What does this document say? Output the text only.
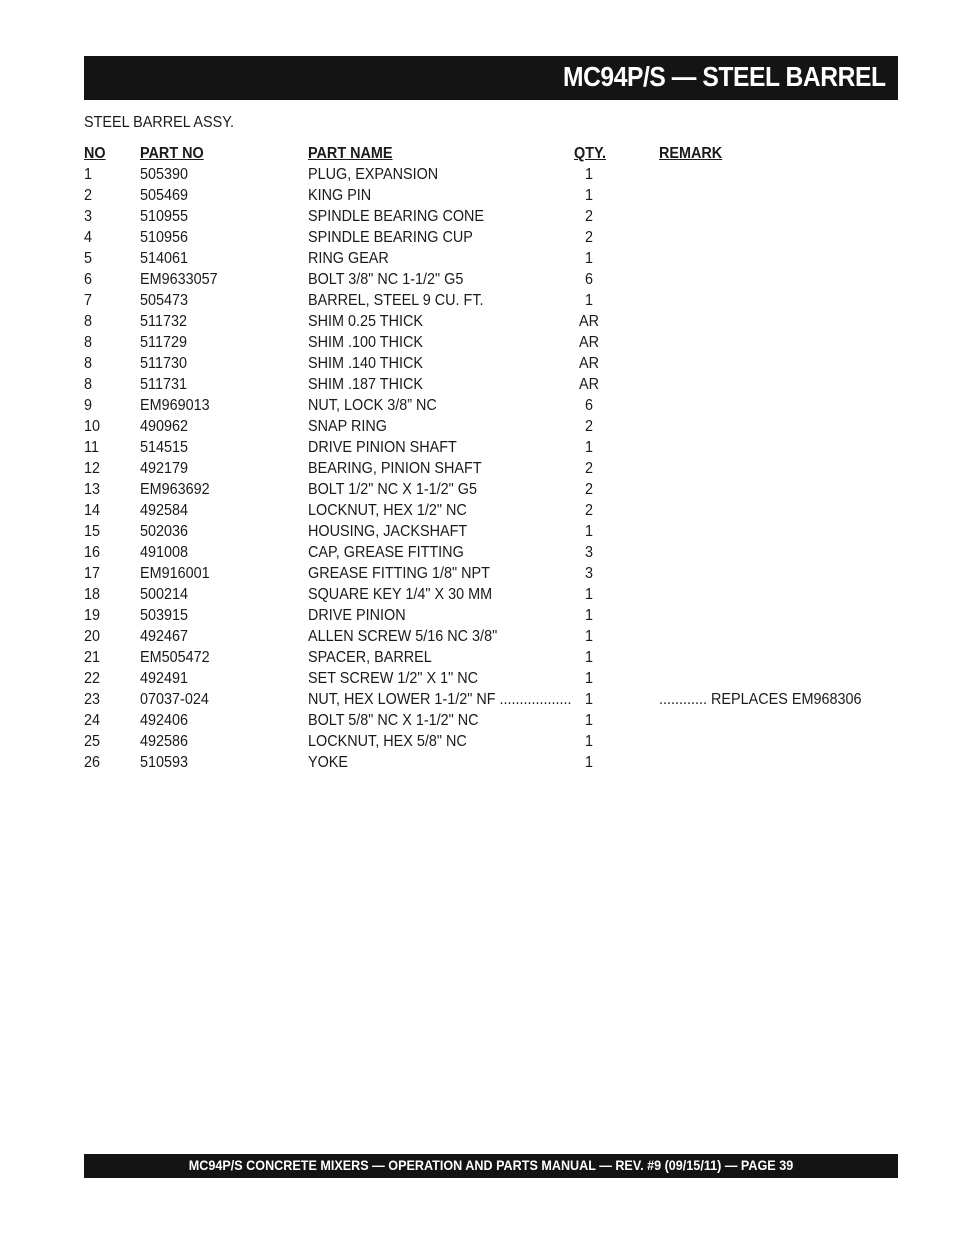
MC94P/S — STEEL BARREL
STEEL BARREL ASSY.
NO PART NO	PART NAME	QTY.	REMARK
1	505390	PLUG, EXPANSION	1
2	505469	KING PIN	1
3	510955	SPINDLE BEARING CONE	2
4	510956	SPINDLE BEARING CUP	2
5	514061	RING GEAR	1
6	EM9633057	BOLT 3/8" NC 1-1/2" G5	6
7	505473	BARREL, STEEL 9 CU. FT.	1
8	511732	SHIM 0.25 THICK	AR
8	511729	SHIM .100 THICK	AR
8	511730	SHIM .140 THICK	AR
8	511731	SHIM .187 THICK	AR
9	EM969013	NUT, LOCK 3/8” NC	6
10 490962	SNAP RING	2
11	514515	DRIVE PINION SHAFT	1
12 492179	BEARING, PINION SHAFT	2
13 EM963692	BOLT 1/2" NC X 1-1/2" G5	2
14 492584	LOCKNUT, HEX 1/2" NC	2
15 502036	HOUSING, JACKSHAFT	1
16 491008	CAP, GREASE FITTING	3
17 EM916001	GREASE FITTING 1/8" NPT	3
18 500214	SQUARE KEY 1/4" X 30 MM	1
19 503915	DRIVE PINION	1
20 492467	ALLEN SCREW 5/16 NC 3/8"	1
21 EM505472	SPACER, BARREL	1
22 492491	SET SCREW 1/2" X 1" NC	1
23 07037-024	NUT, HEX LOWER 1-1/2" NF .................. 1	............ REPLACES EM968306
24 492406	BOLT 5/8" NC X 1-1/2" NC	1
25 492586	LOCKNUT, HEX 5/8" NC	1
26 510593	YOKE	1
MC94P/S CONCRETE MIXERS — OPERATION AND PARTS MANUAL — REV. #9 (09/15/11) — PAGE 39
